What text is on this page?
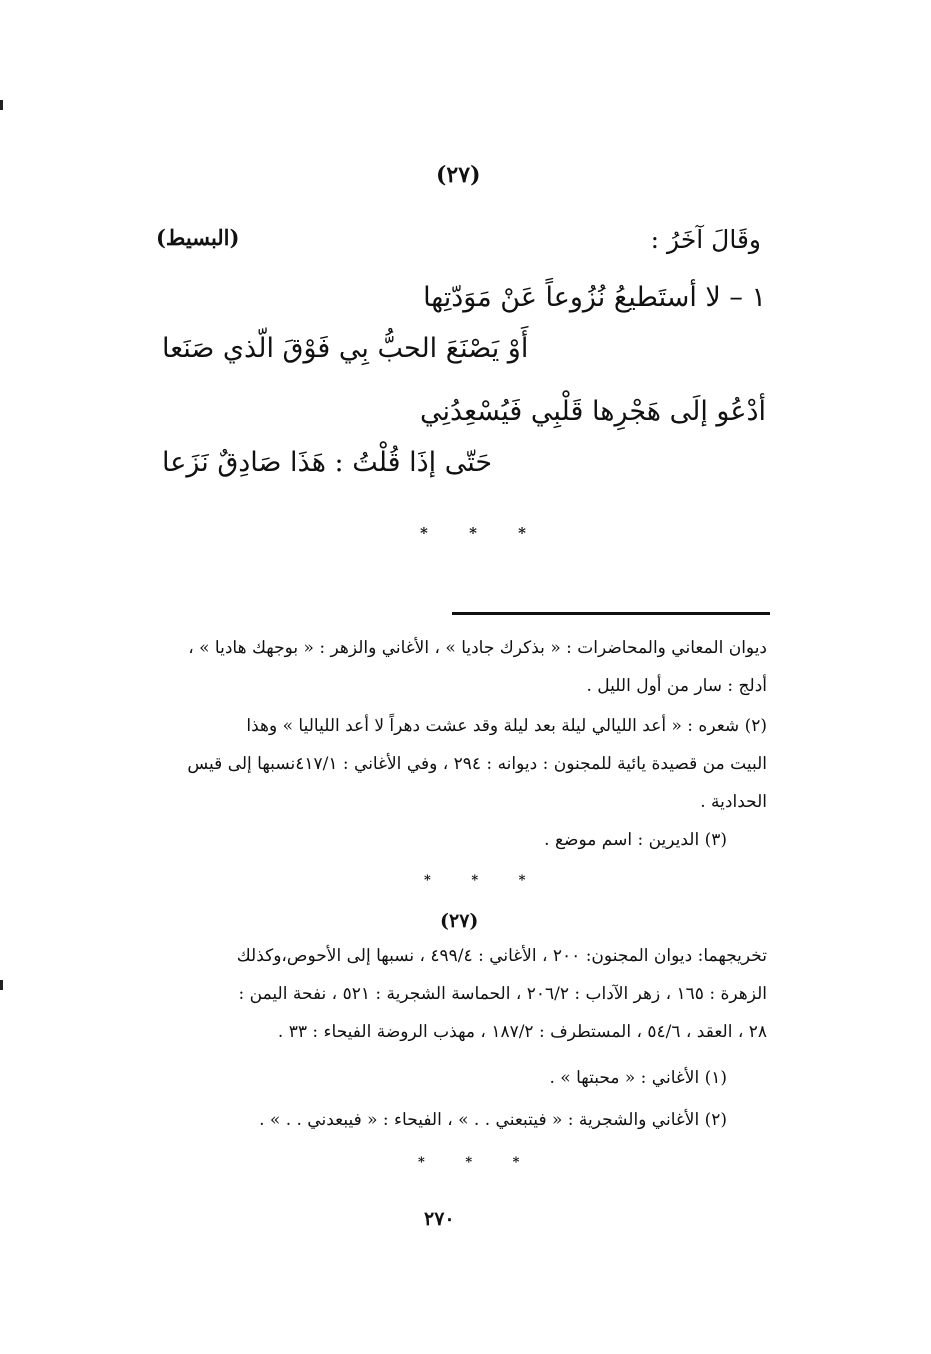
(٢٧)
وقَالَ آخَرُ :
(البسيط)
١ – لا أستَطيعُ نُزُوعاً عَنْ مَوَدّتِها
أَوْ يَصْنَعَ الحبُّ بِي فَوْقَ الّذي صَنَعا
أدْعُو إلَى هَجْرِها قَلْبِي فَيُسْعِدُنِي
حَتّى إذَا قُلْتُ : هَذَا صَادِقٌ نَزَعا
* * *
ديوان المعاني والمحاضرات : « بذكرك جاديا » ، الأغاني والزهر : « بوجهك هاديا » ،
أدلج : سار من أول الليل .
(٢) شعره : « أعد الليالي ليلة بعد ليلة وقد عشت دهراً لا أعد اللياليا » وهذا
البيت من قصيدة يائية للمجنون : ديوانه : ٢٩٤ ، وفي الأغاني : ٤١٧/١نسبها إلى قيس
الحدادية .
(٣) الديرين : اسم موضع .
* * *
(٢٧)
تخريجهما: ديوان المجنون: ٢٠٠ ، الأغاني : ٤٩٩/٤ ، نسبها إلى الأحوص،وكذلك
الزهرة : ١٦٥ ، زهر الآداب : ٢٠٦/٢ ، الحماسة الشجرية : ٥٢١ ، نفحة اليمن :
٢٨ ، العقد ، ٥٤/٦ ، المستطرف : ١٨٧/٢ ، مهذب الروضة الفيحاء : ٣٣ .
(١) الأغاني : « محبتها » .
(٢) الأغاني والشجرية : « فيتبعني . . » ، الفيحاء : « فيبعدني . . » .
* * *
٢٧٠
